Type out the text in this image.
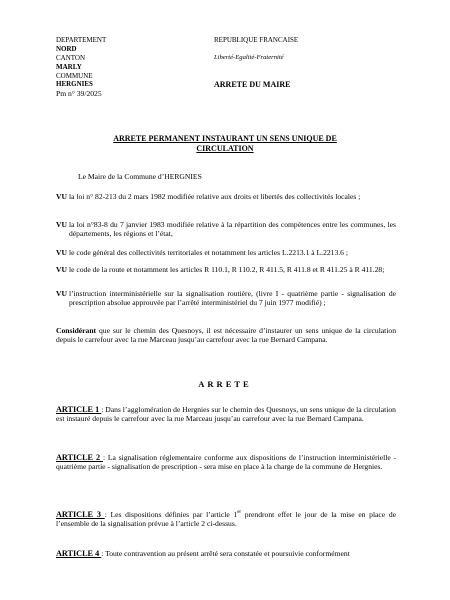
DEPARTEMENT
NORD
CANTON
MARLY
COMMUNE
HERGNIES
Pm n° 39/2025
REPUBLIQUE FRANCAISE
Liberté-Egalité-Fraternité
ARRETE DU MAIRE
ARRETE PERMANENT INSTAURANT UN SENS UNIQUE DE
CIRCULATION
Le Maire de la Commune d’HERGNIES
VU la loi n° 82-213 du 2 mars 1982 modifiée relative aux droits et libertés des collectivités locales ;
VU la loi n°83-8 du 7 janvier 1983 modifiée relative à la répartition des compétences entre les communes, les départements, les régions et l’état,
VU le code général des collectivités territoriales et notamment les articles L.2213.1 à L.2213.6 ;
VU le code de la route et notamment les articles R 110.1, R 110.2, R 411.5, R 411.8 et R 411.25 à R 411.28;
VU l’instruction interministérielle sur la signalisation routière, (livre I - quatrième partie - signalisation de prescription absolue approuvée par l’arrêté interministériel du 7 juin 1977 modifié) ;
Considérant que sur le chemin des Quesnoys, il est nécessaire d’instaurer un sens unique de la circulation depuis le carrefour avec la rue Marceau jusqu’au carrefour avec la rue Bernard Campana.
ARRETE
ARTICLE 1 : Dans l’agglomération de Hergnies sur le chemin des Quesnoys, un sens unique de la circulation est instauré depuis le carrefour avec la rue Marceau jusqu’au carrefour avec la rue Bernard Campana.
ARTICLE 2 : La signalisation réglementaire conforme aux dispositions de l’instruction interministérielle - quatrième partie - signalisation de prescription - sera mise en place à la charge de la commune de Hergnies.
ARTICLE 3 : Les dispositions définies par l’article 1er prendront effet le jour de la mise en place de l’ensemble de la signalisation prévue à l’article 2 ci-dessus.
ARTICLE 4 : Toute contravention au présent arrêté sera constatée et poursuivie conformément
